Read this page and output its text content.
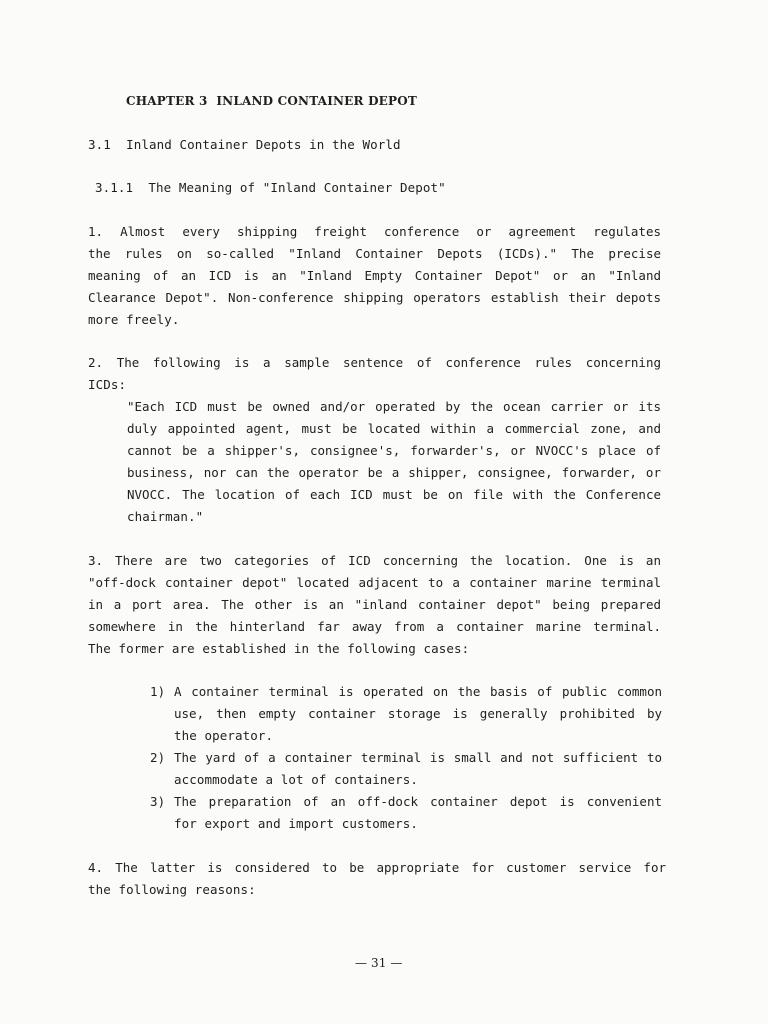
CHAPTER 3  INLAND CONTAINER DEPOT
3.1  Inland Container Depots in the World
3.1.1  The Meaning of "Inland Container Depot"
1. Almost every shipping freight conference or agreement regulates
the rules on so-called "Inland Container Depots (ICDs)." The precise
meaning of an ICD is an "Inland Empty Container Depot" or an "Inland
Clearance Depot". Non-conference shipping operators establish their depots
more freely.
2. The following is a sample sentence of conference rules concerning
ICDs:
"Each ICD must be owned and/or operated by the ocean carrier or its
duly appointed agent, must be located within a commercial zone, and
cannot be a shipper's, consignee's, forwarder's, or NVOCC's place of
business, nor can the operator be a shipper, consignee, forwarder, or
NVOCC. The location of each ICD must be on file with the Conference
chairman."
3. There are two categories of ICD concerning the location. One is an
"off-dock container depot" located adjacent to a container marine terminal
in a port area. The other is an "inland container depot" being prepared
somewhere in the hinterland far away from a container marine terminal.
The former are established in the following cases:
1) A container terminal is operated on the basis of public common
use, then empty container storage is generally prohibited by
the operator.
2) The yard of a container terminal is small and not sufficient to
accommodate a lot of containers.
3) The preparation of an off-dock container depot is convenient
for export and import customers.
4. The latter is considered to be appropriate for customer service for
the following reasons:
— 31 —
